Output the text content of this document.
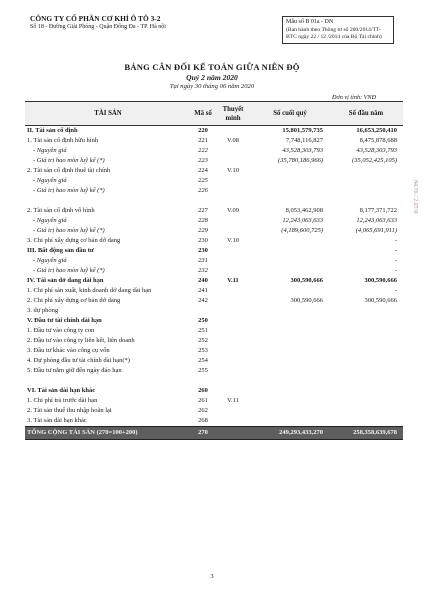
CÔNG TY CỔ PHẦN CƠ KHÍ Ô TÔ 3-2
Số 18 - Đường Giải Phóng - Quận Đống Đa - TP. Hà nội
Mẫu số B 01a - DN
(Ban hành theo Thông tư số 200/2014/TT-BTC ngày 22 / 12 /2014 của Bộ Tài chính)
BẢNG CÂN ĐỐI KẾ TOÁN GIỮA NIÊN ĐỘ
Quý 2 năm 2020
Tại ngày 30 tháng 06 năm 2020
Đơn vị tính: VNĐ
TÀI SẢN	Mã số	Thuyết minh	Số cuối quý	Số đầu năm
II. Tài sản cố định	220		15,801,579,735	16,653,250,410
1. Tài sản cố định hữu hình	221	V.08	7,748,116,827	8,475,878,688
- Nguyên giá	222		43,528,303,793	43,528,303,793
- Giá trị hao mòn luỹ kế (*)	223		(35,780,186,966)	(35,052,425,105)
2. Tài sản cố định thuê tài chính	224	V.10		
- Nguyên giá	225			
- Giá trị hao mòn luỹ kế (*)	226			

2. Tài sản cố định vô hình	227	V.09	8,053,462,908	8,177,371,722
- Nguyên giá	228		12,243,063,633	12,243,063,633
- Giá trị hao mòn luỹ kế (*)	229		(4,189,600,725)	(4,065,691,911)
3. Chi phí xây dựng cơ bản dở dang	230	V.10		-
III. Bất động sản đầu tư	230			-
- Nguyên giá	231			-
- Giá trị hao mòn luỹ kế (*)	232			-
IV. Tài sản dở dang dài hạn	240	V.11	300,590,666	300,590,666
1. Chi phí sản xuất, kinh doanh dở dang dài hạn	241			-
2. Chi phí xây dựng cơ bản dở dang	242		300,590,666	300,590,666
3. dự phòng				
V. Đầu tư tài chính dài hạn	250			
1. Đầu tư vào công ty con	251			
2. Đầu tư vào công ty liên kết, liên doanh	252			
3. Đầu tư khác vào công cụ vốn	253			
4. Dự phòng đầu tư tài chính dài hạn(*)	254			
5. Đầu tư nắm giữ đến ngày đáo hạn	255			

VI. Tài sản dài hạn khác	260			
1. Chi phí trả trước dài hạn	261	V.11		
2. Tài sản thuế thu nhập hoãn lại	262			
3. Tài sản dài hạn khác	268			
TỔNG CỘNG TÀI SẢN (270=100+200)	270		249,293,433,270	258,358,639,678
3
84.76 / 2.07/0
